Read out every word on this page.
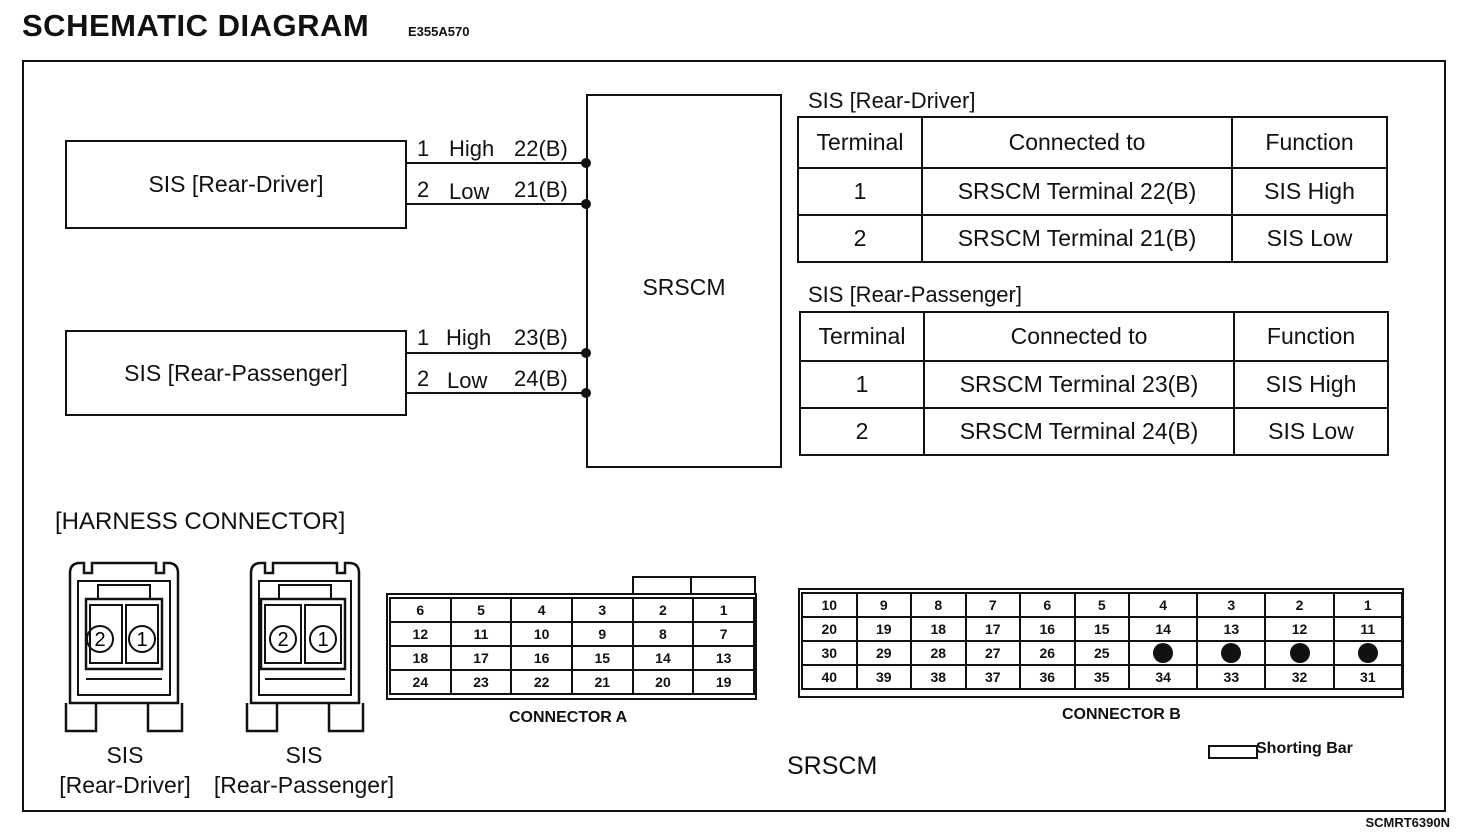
SCHEMATIC DIAGRAM	E355A570
SIS [Rear-Driver]
SIS [Rear-Passenger]
SRSCM
1 High 22(B)
2 Low 21(B)
1 High 23(B)
2 Low 24(B)
SIS [Rear-Driver]
Terminal	Connected to	Function
1	SRSCM Terminal 22(B)	SIS High
2	SRSCM Terminal 21(B)	SIS Low
SIS [Rear-Passenger]
Terminal	Connected to	Function
1	SRSCM Terminal 23(B)	SIS High
2	SRSCM Terminal 24(B)	SIS Low
[HARNESS CONNECTOR]
2 1	2 1
SIS
[Rear-Driver]
SIS
[Rear-Passenger]
6	5	4	3	2	1
12	11	10	9	8	7
18	17	16	15	14	13
24	23	22	21	20	19
CONNECTOR A
10	9	8	7	6	5	4	3	2	1
20	19	18	17	16	15	14	13	12	11
30	29	28	27	26	25				
40	39	38	37	36	35	34	33	32	31
CONNECTOR B
SRSCM
Shorting Bar
SCMRT6390N
